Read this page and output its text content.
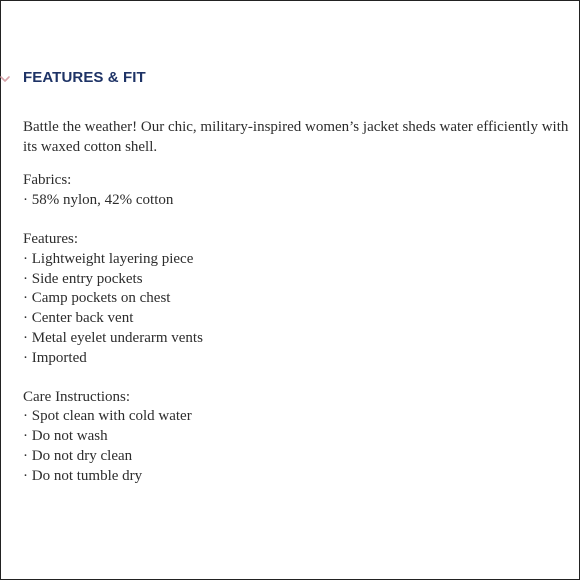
FEATURES & FIT

Battle the weather! Our chic, military-inspired women’s jacket sheds water efficiently with its waxed cotton shell.

Fabrics:

· 58% nylon, 42% cotton

Features:

· Lightweight layering piece
· Side entry pockets
· Camp pockets on chest
· Center back vent
· Metal eyelet underarm vents
· Imported

Care Instructions:

· Spot clean with cold water
· Do not wash
· Do not dry clean
· Do not tumble dry
